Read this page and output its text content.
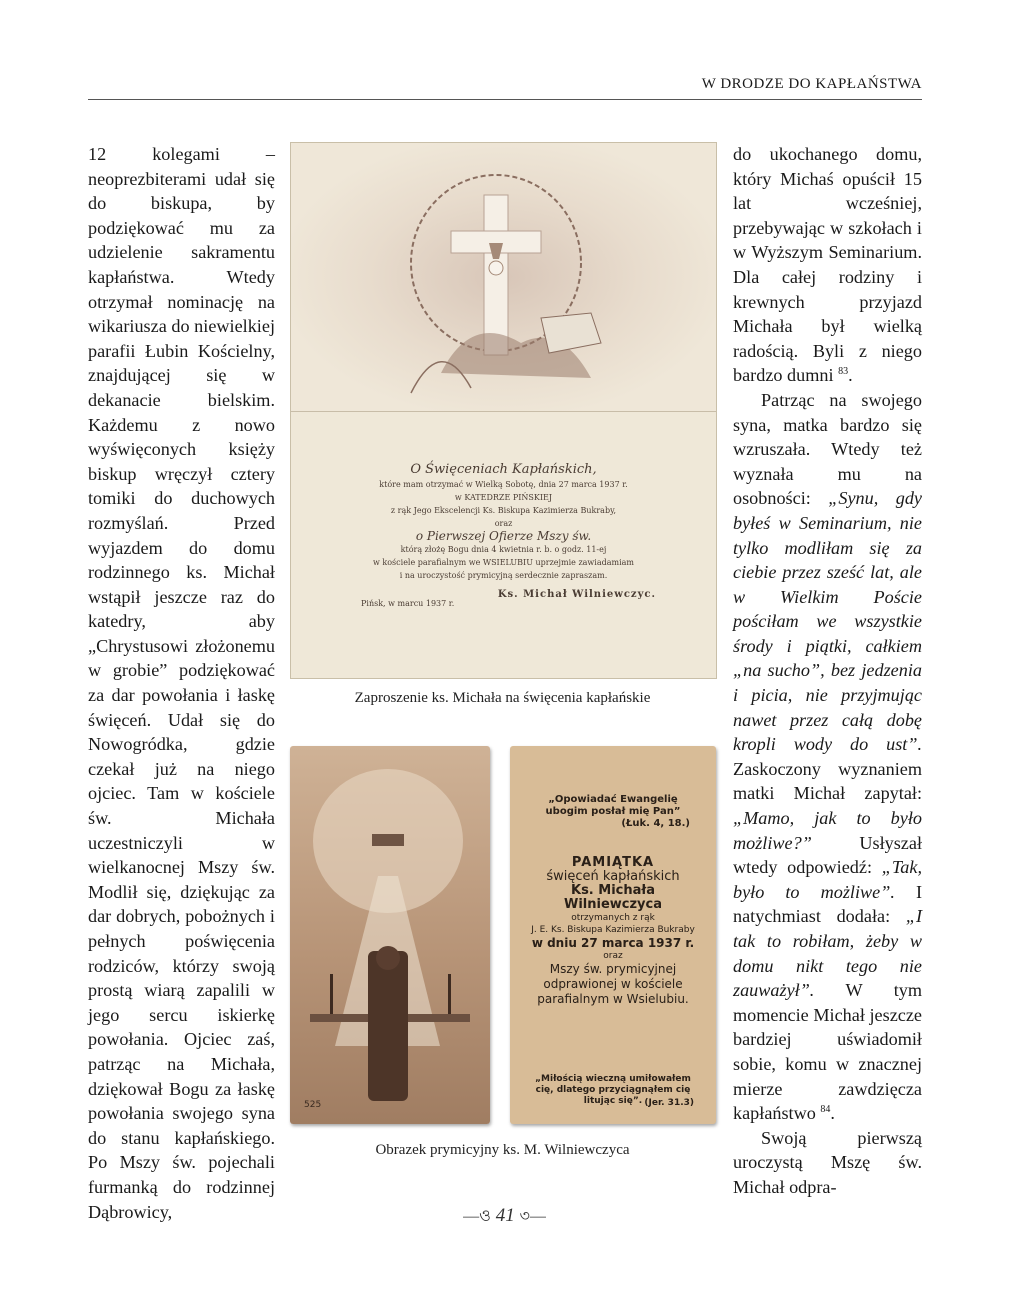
W DRODZE DO KAPŁAŃSTWA

12 kolegami – neoprezbiterami udał się do biskupa, by podziękować mu za udzielenie sakramentu kapłaństwa. Wtedy otrzymał nominację na wikariusza do niewielkiej parafii Łubin Kościelny, znajdującej się w dekanacie bielskim. Każdemu z nowo wyświęconych księży biskup wręczył cztery tomiki do duchowych rozmyślań. Przed wyjazdem do domu rodzinnego ks. Michał wstąpił jeszcze raz do katedry, aby „Chrystusowi złożonemu w grobie” podziękować za dar powołania i łaskę święceń. Udał się do Nowogródka, gdzie czekał już na niego ojciec. Tam w kościele św. Michała uczestniczyli w wielkanocnej Mszy św. Modlił się, dziękując za dar dobrych, pobożnych i pełnych poświęcenia rodziców, którzy swoją prostą wiarą zapalili w jego sercu iskierkę powołania. Ojciec zaś, patrząc na Michała, dziękował Bogu za łaskę powołania swojego syna do stanu kapłańskiego. Po Mszy św. pojechali furmanką do rodzinnej Dąbrowicy,

O Święceniach Kapłańskich,
które mam otrzymać w Wielką Sobotę, dnia 27 marca 1937 r.
w KATEDRZE PIŃSKIEJ
z rąk Jego Ekscelencji Ks. Biskupa Kazimierza Bukraby,
oraz
o Pierwszej Ofierze Mszy św.
którą złożę Bogu dnia 4 kwietnia r. b. o godz. 11-ej
w kościele parafialnym we WSIELUBIU uprzejmie zawiadamiam
i na uroczystość prymicyjną serdecznie zapraszam.
Ks. Michał Wilniewczyc.
Pińsk, w marcu 1937 r.
Zaproszenie ks. Michała na święcenia kapłańskie
525
„Opowiadać Ewangelię ubogim posłał mię Pan”
(Łuk. 4, 18.)
PAMIĄTKA
święceń kapłańskich
Ks. Michała Wilniewczyca
otrzymanych z rąk
J. E. Ks. Biskupa Kazimierza Bukraby
w dniu 27 marca 1937 r.
oraz
Mszy św. prymicyjnej odprawionej w kościele parafialnym w Wsielubiu.
„Miłością wieczną umiłowałem cię, dlatego przyciągnąłem cię litując się”. (Jer. 31.3)
Obrazek prymicyjny ks. M. Wilniewczyca

do ukochanego domu, który Michaś opuścił 15 lat wcześniej, przebywając w szkołach i w Wyższym Seminarium. Dla całej rodziny i krewnych przyjazd Michała był wielką radością. Byli z niego bardzo dumni $^{83}$.

Patrząc na swojego syna, matka bardzo się wzruszała. Wtedy też wyznała mu na osobności: „Synu, gdy byłeś w Seminarium, nie tylko modliłam się za ciebie przez sześć lat, ale w Wielkim Poście pościłam we wszystkie środy i piątki, całkiem „na sucho”, bez jedzenia i picia, nie przyjmując nawet przez całą dobę kropli wody do ust”. Zaskoczony wyznaniem matki Michał zapytał: „Mamo, jak to było możliwe?” Usłyszał wtedy odpowiedź: „Tak, było to możliwe”. I natychmiast dodała: „I tak to robiłam, żeby w domu nikt tego nie zauważył”. W tym momencie Michał jeszcze bardziej uświadomił sobie, komu w znacznej mierze zawdzięcza kapłaństwo $^{84}$.

Swoją pierwszą uroczystą Mszę św. Michał odpra-

—ও 41 ৩—
